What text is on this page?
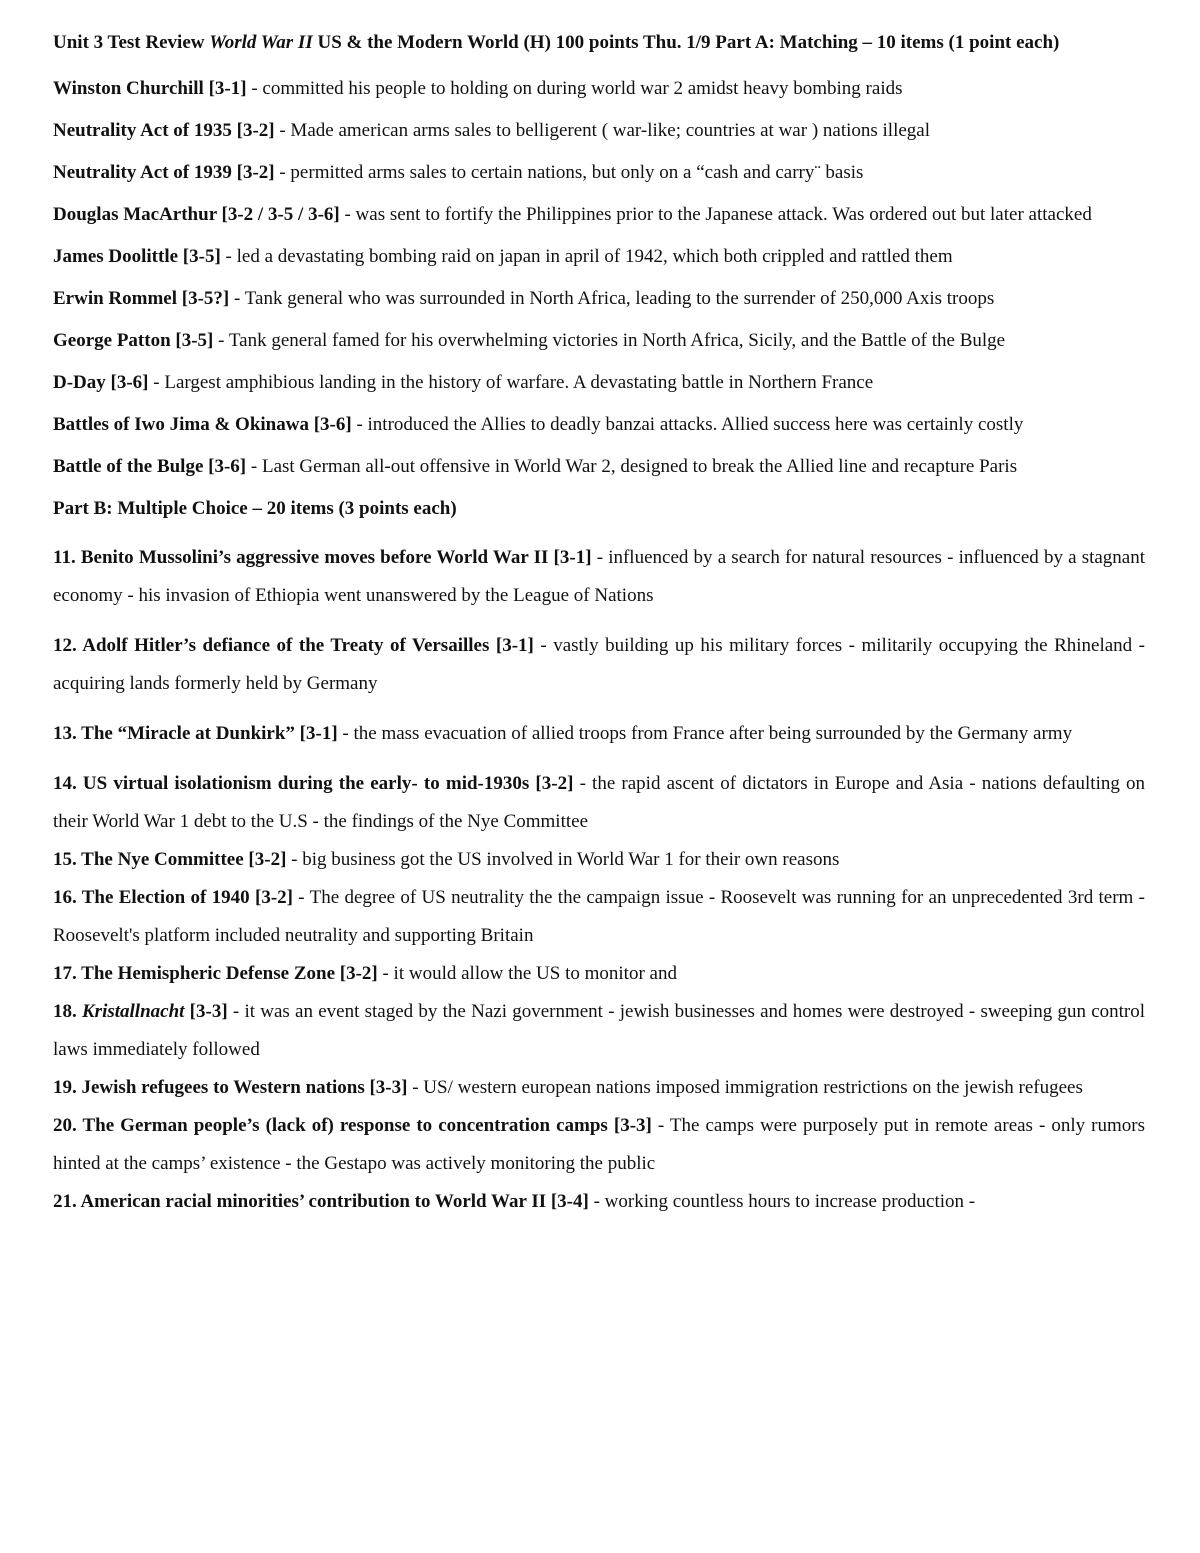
Unit 3 Test Review World War II US & the Modern World (H) 100 points Thu. 1/9 Part A: Matching – 10 items (1 point each)

Winston Churchill [3-1] - committed his people to holding on during world war 2 amidst heavy bombing raids

Neutrality Act of 1935 [3-2] - Made american arms sales to belligerent ( war-like; countries at war ) nations illegal

Neutrality Act of 1939 [3-2] - permitted arms sales to certain nations, but only on a “cash and carry¨ basis

Douglas MacArthur [3-2 / 3-5 / 3-6] - was sent to fortify the Philippines prior to the Japanese attack. Was ordered out but later attacked

James Doolittle [3-5] - led a devastating bombing raid on japan in april of 1942, which both crippled and rattled them

Erwin Rommel [3-5?] - Tank general who was surrounded in North Africa, leading to the surrender of 250,000 Axis troops

George Patton [3-5] - Tank general famed for his overwhelming victories in North Africa, Sicily, and the Battle of the Bulge

D-Day [3-6] - Largest amphibious landing in the history of warfare. A devastating battle in Northern France

Battles of Iwo Jima & Okinawa [3-6] - introduced the Allies to deadly banzai attacks. Allied success here was certainly costly

Battle of the Bulge [3-6] - Last German all-out offensive in World War 2, designed to break the Allied line and recapture Paris

Part B: Multiple Choice – 20 items (3 points each)

11. Benito Mussolini’s aggressive moves before World War II [3-1] - influenced by a search for natural resources - influenced by a stagnant economy - his invasion of Ethiopia went unanswered by the League of Nations

12. Adolf Hitler’s defiance of the Treaty of Versailles [3-1] - vastly building up his military forces - militarily occupying the Rhineland - acquiring lands formerly held by Germany

13. The “Miracle at Dunkirk” [3-1] - the mass evacuation of allied troops from France after being surrounded by the Germany army

14. US virtual isolationism during the early- to mid-1930s [3-2] - the rapid ascent of dictators in Europe and Asia - nations defaulting on their World War 1 debt to the U.S - the findings of the Nye Committee

15. The Nye Committee [3-2] - big business got the US involved in World War 1 for their own reasons

16. The Election of 1940 [3-2] - The degree of US neutrality the the campaign issue - Roosevelt was running for an unprecedented 3rd term - Roosevelt's platform included neutrality and supporting Britain

17. The Hemispheric Defense Zone [3-2] - it would allow the US to monitor and

18. Kristallnacht [3-3] - it was an event staged by the Nazi government - jewish businesses and homes were destroyed - sweeping gun control laws immediately followed

19. Jewish refugees to Western nations [3-3] - US/ western european nations imposed immigration restrictions on the jewish refugees

20. The German people’s (lack of) response to concentration camps [3-3] - The camps were purposely put in remote areas - only rumors hinted at the camps’ existence - the Gestapo was actively monitoring the public

21. American racial minorities’ contribution to World War II [3-4] - working countless hours to increase production -
